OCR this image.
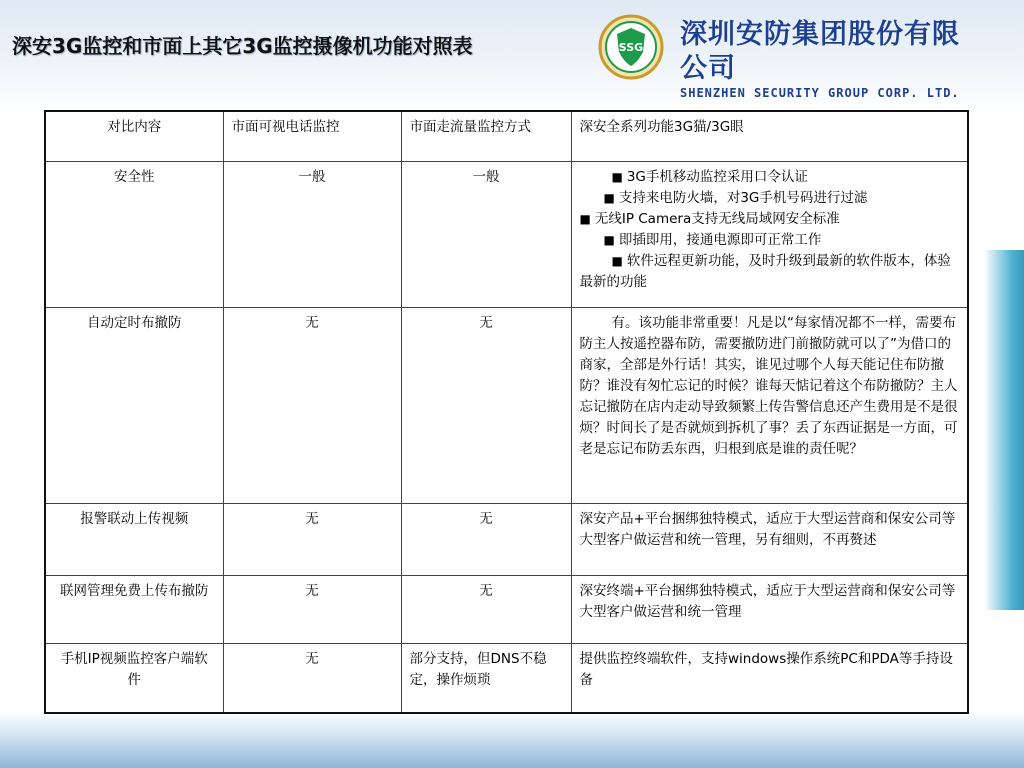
深安3G监控和市面上其它3G监控摄像机功能对照表	SSG 深圳安防集团股份有限公司
SHENZHEN SECURITY GROUP CORP. LTD.
对比内容	市面可视电话监控	市面走流量监控方式	深安全系列功能3G猫/3G眼
安全性	一般	一般	■ 3G手机移动监控采用口令认证
■ 支持来电防火墙，对3G手机号码进行过滤
■ 无线IP Camera支持无线局域网安全标准
■ 即插即用，接通电源即可正常工作
■ 软件远程更新功能，及时升级到最新的软件版本，体验最新的功能

自动定时布撤防	无	无	有。该功能非常重要！凡是以“每家情况都不一样，需要布防主人按遥控器布防，需要撤防进门前撤防就可以了”为借口的商家，全部是外行话！其实，谁见过哪个人每天能记住布防撤防？谁没有匆忙忘记的时候？谁每天惦记着这个布防撤防？主人忘记撤防在店内走动导致频繁上传告警信息还产生费用是不是很烦？时间长了是否就烦到拆机了事？丢了东西证据是一方面，可老是忘记布防丢东西，归根到底是谁的责任呢？
报警联动上传视频	无	无	深安产品+平台捆绑独特模式，适应于大型运营商和保安公司等大型客户做运营和统一管理，另有细则，不再赘述
联网管理免费上传布撤防	无	无	深安终端+平台捆绑独特模式，适应于大型运营商和保安公司等大型客户做运营和统一管理
手机IP视频监控客户端软件	无	部分支持，但DNS不稳定，操作烦琐	提供监控终端软件，支持windows操作系统PC和PDA等手持设备
